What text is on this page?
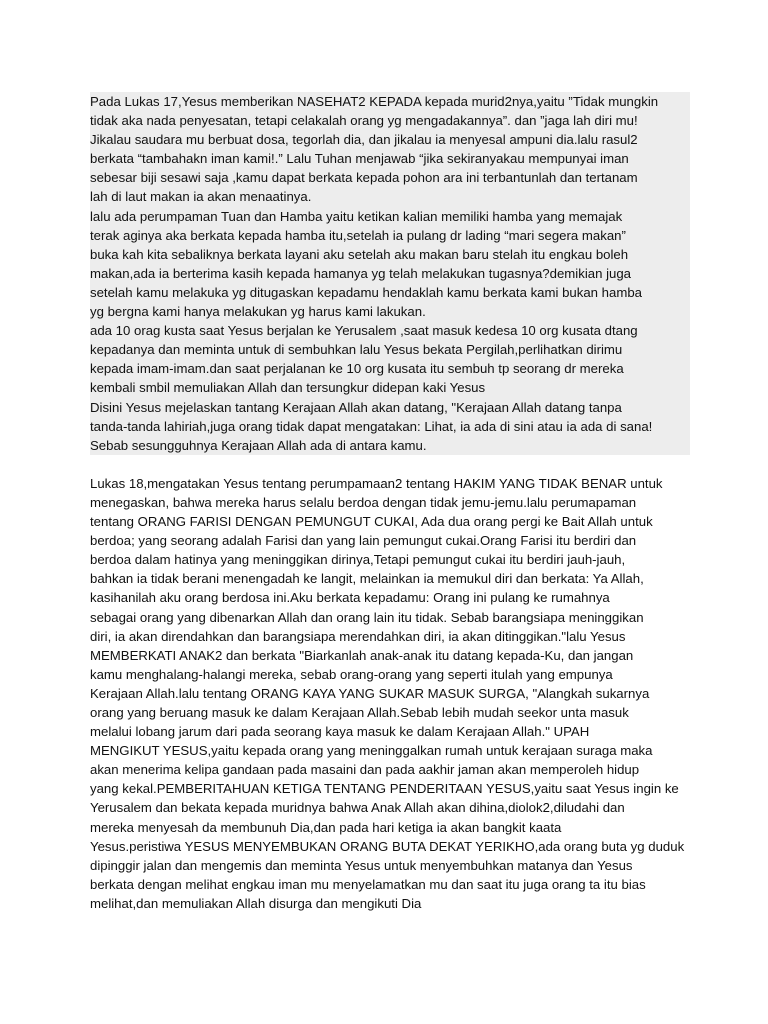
Pada Lukas 17,Yesus memberikan NASEHAT2 KEPADA kepada murid2nya,yaitu ”Tidak mungkin
tidak aka nada penyesatan, tetapi celakalah orang yg mengadakannya”. dan ”jaga lah diri mu!
Jikalau saudara mu berbuat dosa, tegorlah dia, dan jikalau ia menyesal ampuni dia.lalu rasul2
berkata “tambahakn iman kami!.” Lalu Tuhan menjawab “jika sekiranyakau mempunyai iman
sebesar biji sesawi saja ,kamu dapat berkata kepada pohon ara ini terbantunlah dan tertanam
lah di laut makan ia akan menaatinya.
lalu ada perumpaman Tuan dan Hamba yaitu ketikan kalian memiliki hamba yang memajak
terak aginya aka berkata kepada hamba itu,setelah ia pulang dr lading “mari segera makan”
buka kah kita sebaliknya berkata layani aku setelah aku makan baru stelah itu engkau boleh
makan,ada ia berterima kasih kepada hamanya yg telah melakukan tugasnya?demikian juga
setelah kamu melakuka yg ditugaskan kepadamu hendaklah kamu berkata kami bukan hamba
yg bergna kami hanya melakukan yg harus kami lakukan.
ada 10 orag kusta saat Yesus berjalan ke Yerusalem ,saat masuk kedesa 10 org kusata dtang
kepadanya dan meminta untuk di sembuhkan lalu Yesus bekata Pergilah,perlihatkan dirimu
kepada imam-imam.dan saat perjalanan ke 10 org kusata itu sembuh tp seorang dr mereka
kembali smbil memuliakan Allah dan tersungkur didepan kaki Yesus
Disini Yesus mejelaskan tantang Kerajaan Allah akan datang, "Kerajaan Allah datang tanpa
tanda-tanda lahiriah,juga orang tidak dapat mengatakan: Lihat, ia ada di sini atau ia ada di sana!
Sebab sesungguhnya Kerajaan Allah ada di antara kamu.
Lukas 18,mengatakan Yesus tentang perumpamaan2 tentang HAKIM YANG TIDAK BENAR untuk
menegaskan, bahwa mereka harus selalu berdoa dengan tidak jemu-jemu.lalu perumapaman
tentang ORANG FARISI DENGAN PEMUNGUT CUKAI, Ada dua orang pergi ke Bait Allah untuk
berdoa; yang seorang adalah Farisi dan yang lain pemungut cukai.Orang Farisi itu berdiri dan
berdoa dalam hatinya yang meninggikan dirinya,Tetapi pemungut cukai itu berdiri jauh-jauh,
bahkan ia tidak berani menengadah ke langit, melainkan ia memukul diri dan berkata: Ya Allah,
kasihanilah aku orang berdosa ini.Aku berkata kepadamu: Orang ini pulang ke rumahnya
sebagai orang yang dibenarkan Allah dan orang lain itu tidak. Sebab barangsiapa meninggikan
diri, ia akan direndahkan dan barangsiapa merendahkan diri, ia akan ditinggikan."lalu Yesus
MEMBERKATI ANAK2 dan berkata "Biarkanlah anak-anak itu datang kepada-Ku, dan jangan
kamu menghalang-halangi mereka, sebab orang-orang yang seperti itulah yang empunya
Kerajaan Allah.lalu tentang ORANG KAYA YANG SUKAR MASUK SURGA, "Alangkah sukarnya
orang yang beruang masuk ke dalam Kerajaan Allah.Sebab lebih mudah seekor unta masuk
melalui lobang jarum dari pada seorang kaya masuk ke dalam Kerajaan Allah." UPAH
MENGIKUT YESUS,yaitu kepada orang yang meninggalkan rumah untuk kerajaan suraga maka
akan menerima kelipa gandaan pada masaini dan pada aakhir jaman akan memperoleh hidup
yang kekal.PEMBERITAHUAN KETIGA TENTANG PENDERITAAN YESUS,yaitu saat Yesus ingin ke
Yerusalem dan bekata kepada muridnya bahwa Anak Allah akan dihina,diolok2,diludahi dan
mereka menyesah da membunuh Dia,dan pada hari ketiga ia akan bangkit kaata
Yesus.peristiwa YESUS MENYEMBUKAN ORANG BUTA DEKAT YERIKHO,ada orang buta yg duduk
dipinggir jalan dan mengemis dan meminta Yesus untuk menyembuhkan matanya dan Yesus
berkata dengan melihat engkau iman mu menyelamatkan mu dan saat itu juga orang ta itu bias
melihat,dan memuliakan Allah disurga dan mengikuti Dia
